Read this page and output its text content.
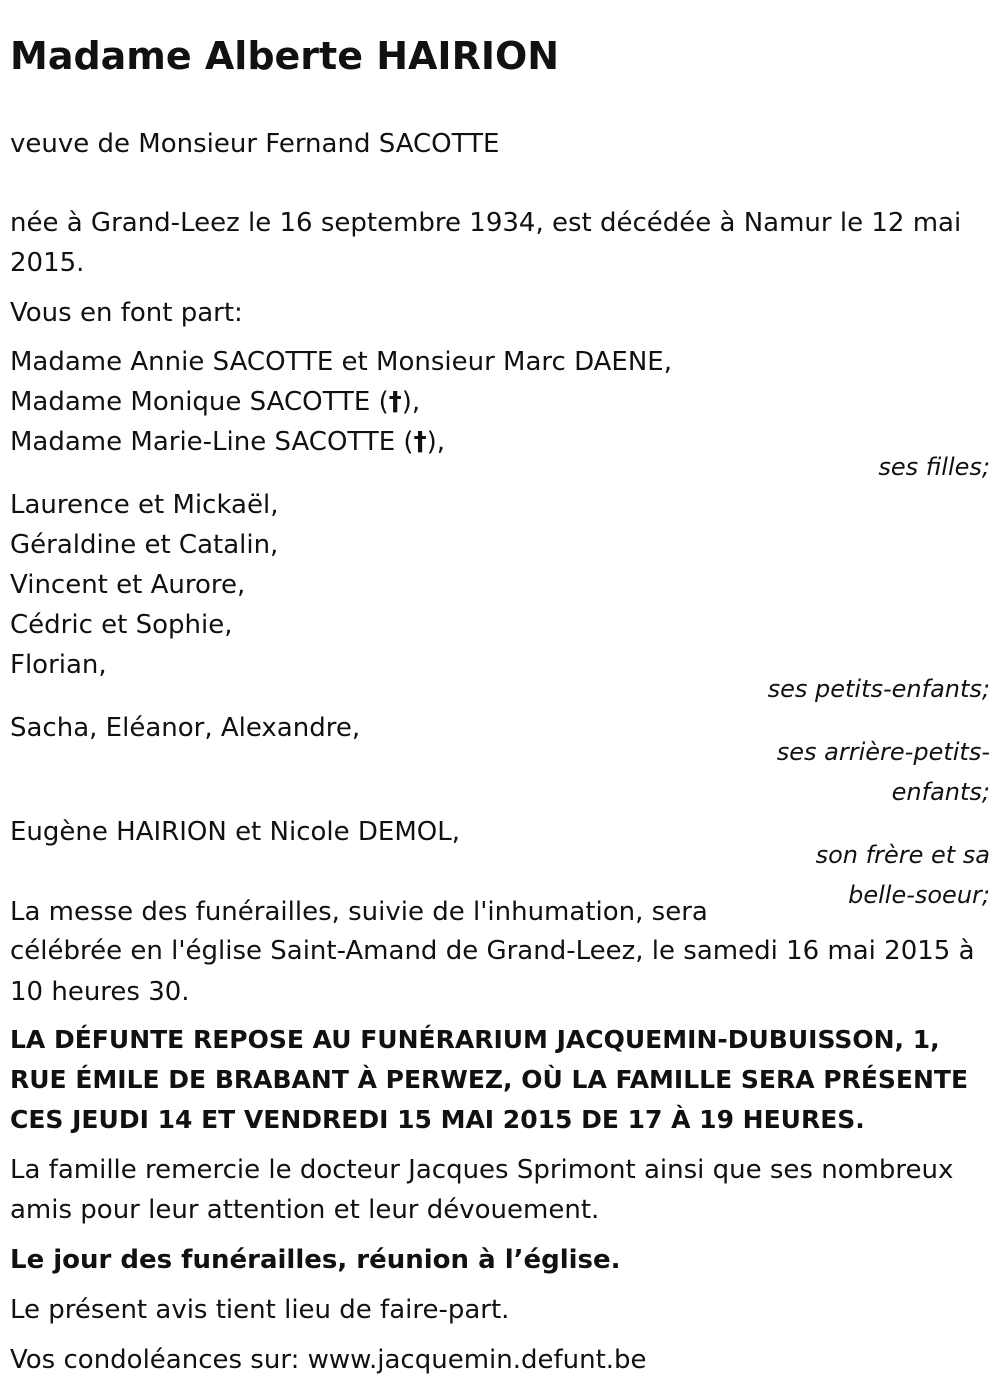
Madame Alberte HAIRION
veuve de Monsieur Fernand SACOTTE
née à Grand-Leez le 16 septembre 1934, est décédée à Namur le 12 mai 2015.
Vous en font part:
Madame Annie SACOTTE et Monsieur Marc DAENE,
Madame Monique SACOTTE (†),
Madame Marie-Line SACOTTE (†),
ses filles;
Laurence et Mickaël,
Géraldine et Catalin,
Vincent et Aurore,
Cédric et Sophie,
Florian,
ses petits-enfants;
Sacha, Eléanor, Alexandre,
ses arrière-petits-
enfants;
Eugène HAIRION et Nicole DEMOL,
son frère et sa
belle-soeur;
La messe des funérailles, suivie de l'inhumation, sera
célébrée en l'église Saint-Amand de Grand-Leez, le samedi 16 mai 2015 à
10 heures 30.
LA DÉFUNTE REPOSE AU FUNÉRARIUM JACQUEMIN-DUBUISSON, 1, RUE ÉMILE DE BRABANT À PERWEZ, OÙ LA FAMILLE SERA PRÉSENTE CES JEUDI 14 ET VENDREDI 15 MAI 2015 DE 17 À 19 HEURES.
La famille remercie le docteur Jacques Sprimont ainsi que ses nombreux amis pour leur attention et leur dévouement.
Le jour des funérailles, réunion à l’église.
Le présent avis tient lieu de faire-part.
Vos condoléances sur: www.jacquemin.defunt.be
